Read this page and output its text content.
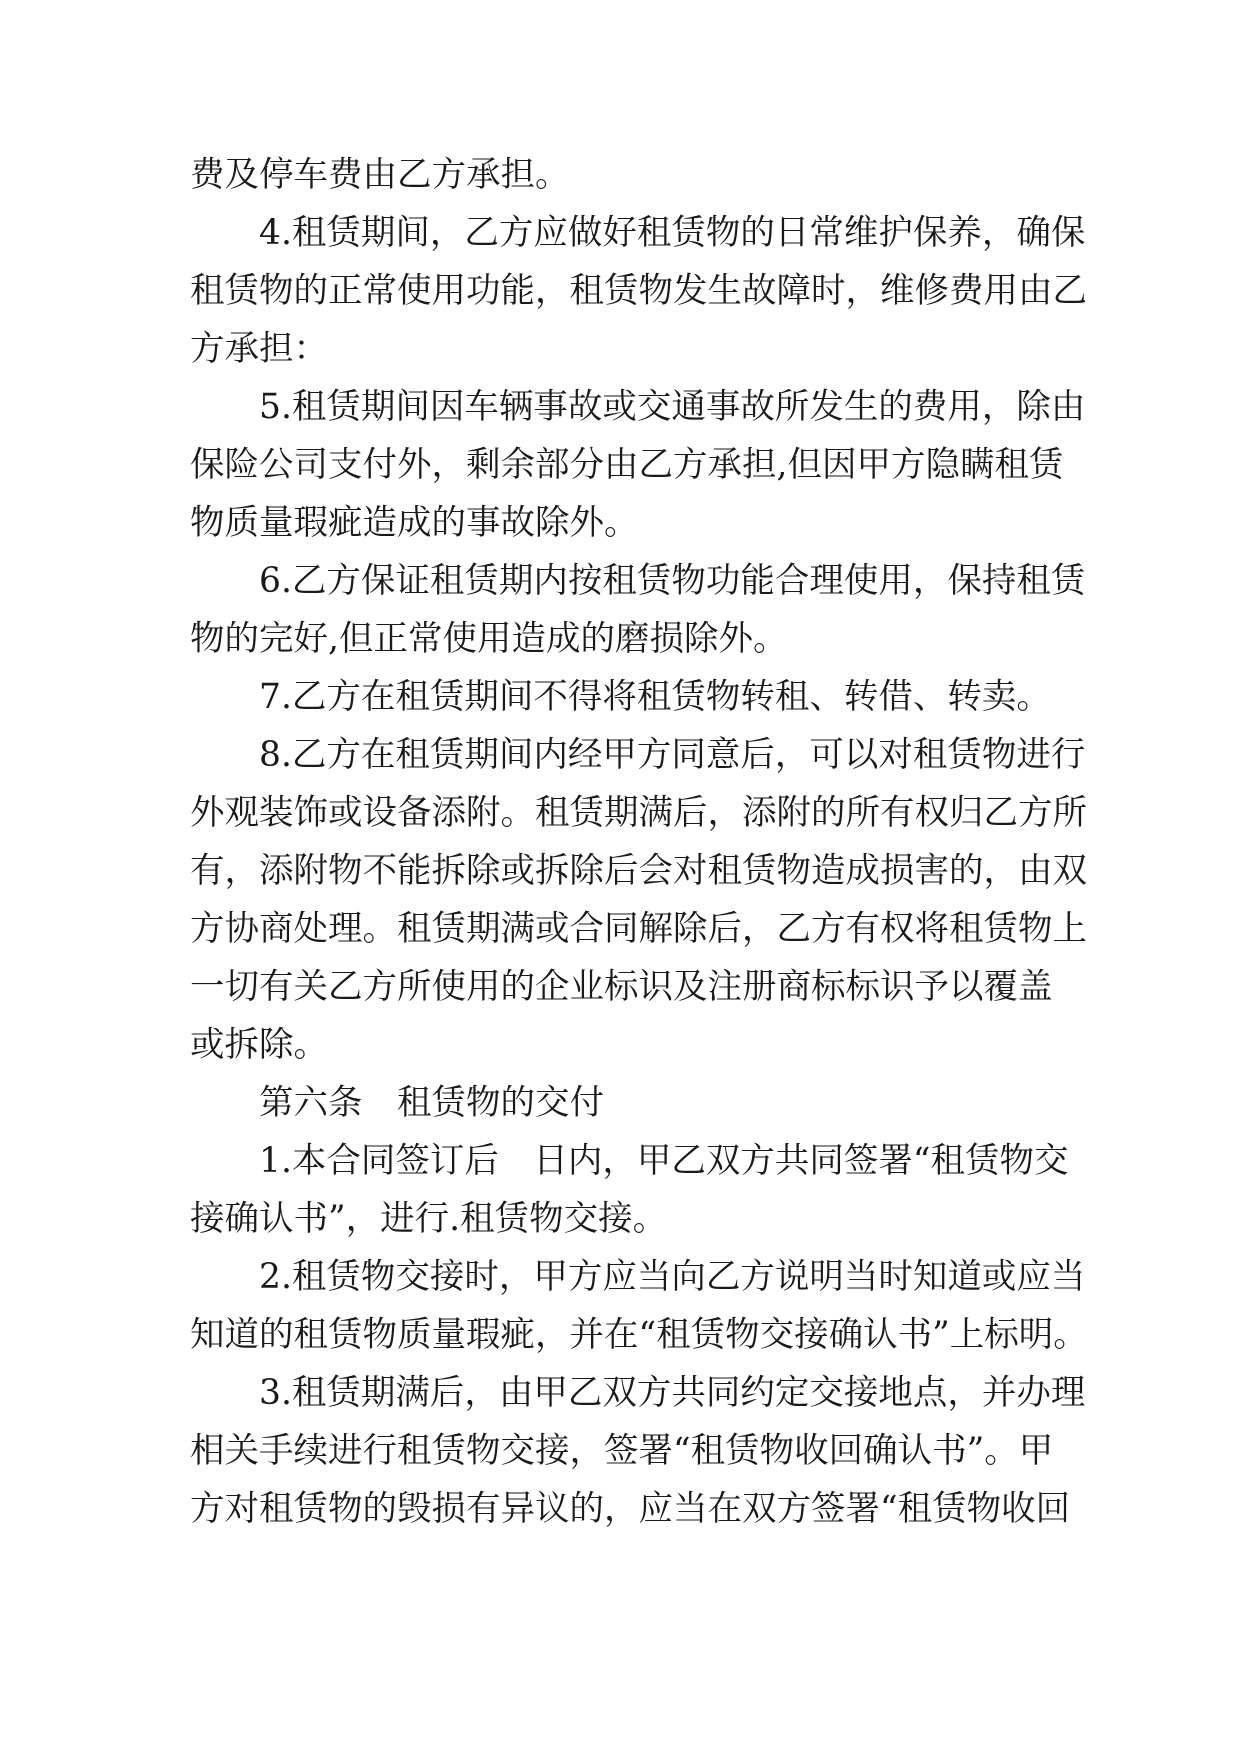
费及停车费由乙方承担。
4.租赁期间，乙方应做好租赁物的日常维护保养，确保
租赁物的正常使用功能，租赁物发生故障时，维修费用由乙
方承担：
5.租赁期间因车辆事故或交通事故所发生的费用，除由
保险公司支付外，剩余部分由乙方承担,但因甲方隐瞒租赁
物质量瑕疵造成的事故除外。
6.乙方保证租赁期内按租赁物功能合理使用，保持租赁
物的完好,但正常使用造成的磨损除外。
7.乙方在租赁期间不得将租赁物转租、转借、转卖。
8.乙方在租赁期间内经甲方同意后，可以对租赁物进行
外观装饰或设备添附。租赁期满后，添附的所有权归乙方所
有，添附物不能拆除或拆除后会对租赁物造成损害的，由双
方协商处理。租赁期满或合同解除后，乙方有权将租赁物上
一切有关乙方所使用的企业标识及注册商标标识予以覆盖
或拆除。
第六条　租赁物的交付
1.本合同签订后　日内，甲乙双方共同签署“租赁物交
接确认书”，进行.租赁物交接。
2.租赁物交接时，甲方应当向乙方说明当时知道或应当
知道的租赁物质量瑕疵，并在“租赁物交接确认书”上标明。
3.租赁期满后，由甲乙双方共同约定交接地点，并办理
相关手续进行租赁物交接，签署“租赁物收回确认书”。甲
方对租赁物的毁损有异议的，应当在双方签署“租赁物收回
